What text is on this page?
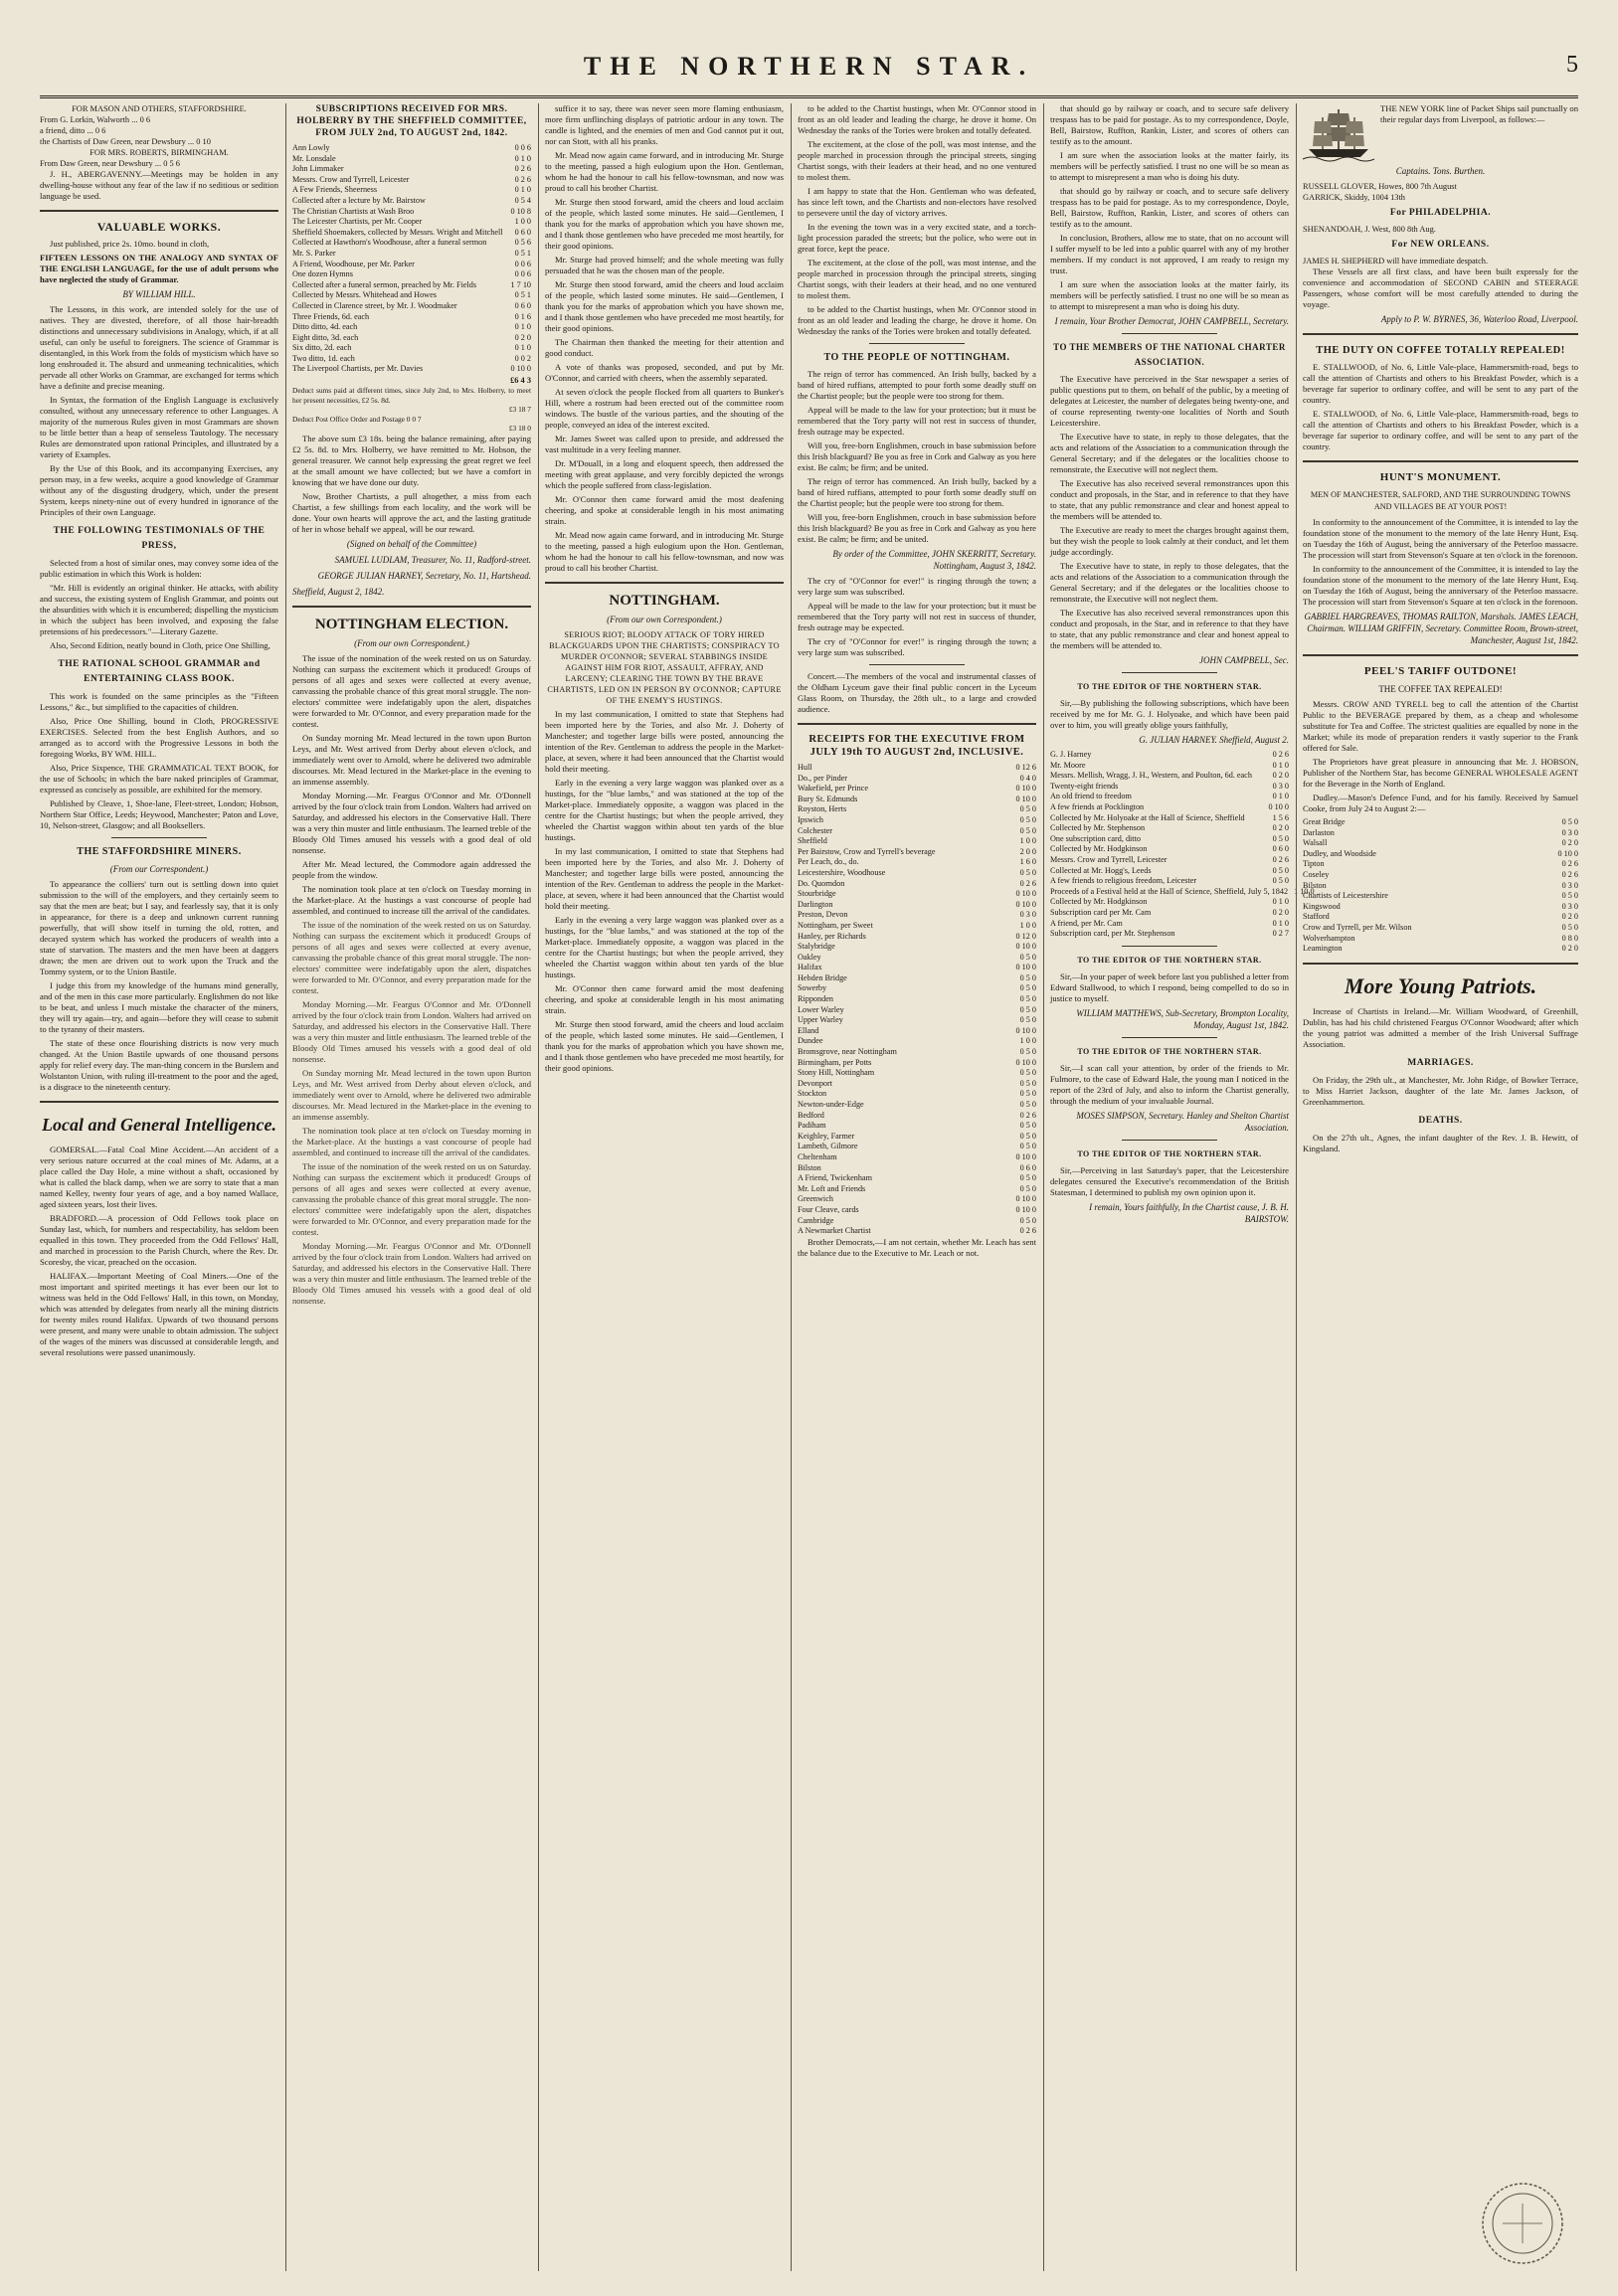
THE NORTHERN STAR.	5
FOR MASON AND OTHERS, STAFFORDSHIRE.
From G. Lorkin, Walworth ... 0 6
a friend, ditto ... 0 6
the Chartists of Daw Green, near Dewsbury ... 0 10
FOR MRS. ROBERTS, BIRMINGHAM.
From Daw Green, near Dewsbury ... 0 5 6

J. H., ABERGAVENNY.—Meetings may be holden in any dwelling-house without any fear of the law if no seditious or sedition language be used.

VALUABLE WORKS.

Just published, price 2s. 10mo. bound in cloth,

FIFTEEN LESSONS ON THE ANALOGY AND SYNTAX OF THE ENGLISH LANGUAGE, for the use of adult persons who have neglected the study of Grammar.

BY WILLIAM HILL.

The Lessons, in this work, are intended solely for the use of natives. They are divested, therefore, of all those hair-breadth distinctions and unnecessary subdivisions in Analogy, which, if at all useful, can only be useful to foreigners. The science of Grammar is disentangled, in this Work from the folds of mysticism which have so long enshrouded it. The absurd and unmeaning technicalities, which pervade all other Works on Grammar, are exchanged for terms which have a definite and precise meaning.

In Syntax, the formation of the English Language is exclusively consulted, without any unnecessary reference to other Languages. A majority of the numerous Rules given in most Grammars are shown to be little better than a heap of senseless Tautology. The necessary Rules are demonstrated upon rational Principles, and illustrated by a variety of Examples.

By the Use of this Book, and its accompanying Exercises, any person may, in a few weeks, acquire a good knowledge of Grammar without any of the disgusting drudgery, which, under the present System, keeps ninety-nine out of every hundred in ignorance of the Principles of their own Language.

THE FOLLOWING TESTIMONIALS OF THE PRESS,

Selected from a host of similar ones, may convey some idea of the public estimation in which this Work is holden:

"Mr. Hill is evidently an original thinker. He attacks, with ability and success, the existing system of English Grammar, and points out the absurdities with which it is encumbered; dispelling the mysticism in which the subject has been involved, and exposing the false pretensions of his predecessors."—Literary Gazette.

Also, Second Edition, neatly bound in Cloth, price One Shilling,

THE RATIONAL SCHOOL GRAMMAR and ENTERTAINING CLASS BOOK.

This work is founded on the same principles as the "Fifteen Lessons," &c., but simplified to the capacities of children.

Also, Price One Shilling, bound in Cloth, PROGRESSIVE EXERCISES. Selected from the best English Authors, and so arranged as to accord with the Progressive Lessons in both the foregoing Works, BY WM. HILL.

Also, Price Sixpence, THE GRAMMATICAL TEXT BOOK, for the use of Schools; in which the bare naked principles of Grammar, expressed as concisely as possible, are exhibited for the memory.

Published by Cleave, 1, Shoe-lane, Fleet-street, London; Hobson, Northern Star Office, Leeds; Heywood, Manchester; Paton and Love, 10, Nelson-street, Glasgow; and all Booksellers.

THE STAFFORDSHIRE MINERS.
(From our Correspondent.)

To appearance the colliers' turn out is settling down into quiet submission to the will of the employers, and they certainly seem to say that the men are beat; but I say, and fearlessly say, that it is only in appearance, for there is a deep and unknown current running powerfully, that will show itself in turning the old, rotten, and decayed system which has worked the producers of wealth into a state of starvation. The masters and the men have been at daggers drawn; the men are driven out to work upon the Truck and the Tommy system, or to the Union Bastile.

I judge this from my knowledge of the humans mind generally, and of the men in this case more particularly. Englishmen do not like to be beat, and unless I much mistake the character of the miners, they will try again—try, and again—before they will cease to submit to the tyranny of their masters.

The state of these once flourishing districts is now very much changed. At the Union Bastile upwards of one thousand persons apply for relief every day. The man-thing concern in the Burslem and Wolstanton Union, with ruling ill-treatment to the poor and the aged, is a disgrace to the nineteenth century.

Local and General Intelligence.

GOMERSAL.—Fatal Coal Mine Accident.—An accident of a very serious nature occurred at the coal mines of Mr. Adams, at a place called the Day Hole, a mine without a shaft, occasioned by what is called the black damp, when we are sorry to state that a man named Kelley, twenty four years of age, and a boy named Wallace, aged sixteen years, lost their lives.

BRADFORD.—A procession of Odd Fellows took place on Sunday last, which, for numbers and respectability, has seldom been equalled in this town. They proceeded from the Odd Fellows' Hall, and marched in procession to the Parish Church, where the Rev. Dr. Scoresby, the vicar, preached on the occasion.

HALIFAX.—Important Meeting of Coal Miners.—One of the most important and spirited meetings it has ever been our lot to witness was held in the Odd Fellows' Hall, in this town, on Monday, which was attended by delegates from nearly all the mining districts for twenty miles round Halifax. Upwards of two thousand persons were present, and many were unable to obtain admission. The subject of the wages of the miners was discussed at considerable length, and several resolutions were passed unanimously.

SUBSCRIPTIONS RECEIVED FOR MRS. HOLBERRY BY THE SHEFFIELD COMMITTEE, FROM JULY 2nd, TO AUGUST 2nd, 1842.
Ann Lowly	0 0 6
Mr. Lonsdale	0 1 0
John Limmaker	0 2 6
Messrs. Crow and Tyrrell, Leicester	0 2 6
A Few Friends, Sheerness	0 1 0
Collected after a lecture by Mr. Bairstow	0 5 4
The Christian Chartists at Wash Broo	0 10 8
The Leicester Chartists, per Mr. Cooper	1 0 0
Sheffield Shoemakers, collected by Messrs. Wright and Mitchell	0 6 0
Collected at Hawthorn's Woodhouse, after a funeral sermon	0 5 6
Mr. S. Parker	0 5 1
A Friend, Woodhouse, per Mr. Parker	0 0 6
One dozen Hymns	0 0 6
Collected after a funeral sermon, preached by Mr. Fields	1 7 10
Collected by Messrs. Whitehead and Howes	0 5 1
Collected in Clarence street, by Mr. J. Woodmaker	0 6 0
Three Friends, 6d. each	0 1 6
Ditto ditto, 4d. each	0 1 0
Eight ditto, 3d. each	0 2 0
Six ditto, 2d. each	0 1 0
Two ditto, 1d. each	0 0 2
The Liverpool Chartists, per Mr. Davies	0 10 0
£6 4 3
Deduct sums paid at different times, since July 2nd, to Mrs. Holberry, to meet her present necessities, £2 5s. 8d.
£3 18 7
Deduct Post Office Order and Postage 0 0 7
£3 18 0

The above sum £3 18s. being the balance remaining, after paying £2 5s. 8d. to Mrs. Holberry, we have remitted to Mr. Hobson, the general treasurer. We cannot help expressing the great regret we feel at the small amount we have collected; but we have a comfort in knowing that we have done our duty.

Now, Brother Chartists, a pull altogether, a miss from each Chartist, a few shillings from each locality, and the work will be done. Your own hearts will approve the act, and the lasting gratitude of her in whose behalf we appeal, will be our reward.

(Signed on behalf of the Committee)
SAMUEL LUDLAM, Treasurer, No. 11, Radford-street.
GEORGE JULIAN HARNEY, Secretary, No. 11, Hartshead.
Sheffield, August 2, 1842.
NOTTINGHAM ELECTION.
(From our own Correspondent.)

The issue of the nomination of the week rested on us on Saturday. Nothing can surpass the excitement which it produced! Groups of persons of all ages and sexes were collected at every avenue, canvassing the probable chance of this great moral struggle. The non-electors' committee were indefatigably upon the alert, dispatches were forwarded to Mr. O'Connor, and every preparation made for the contest.

On Sunday morning Mr. Mead lectured in the town upon Burton Leys, and Mr. West arrived from Derby about eleven o'clock, and immediately went over to Arnold, where he delivered two admirable discourses. Mr. Mead lectured in the Market-place in the evening to an immense assembly.

Monday Morning.—Mr. Feargus O'Connor and Mr. O'Donnell arrived by the four o'clock train from London. Walters had arrived on Saturday, and addressed his electors in the Conservative Hall. There was a very thin muster and little enthusiasm. The learned treble of the Bloody Old Times amused his vessels with a good deal of old nonsense.

After Mr. Mead lectured, the Commodore again addressed the people from the window.

The nomination took place at ten o'clock on Tuesday morning in the Market-place. At the hustings a vast concourse of people had assembled, and continued to increase till the arrival of the candidates.

The issue of the nomination of the week rested on us on Saturday. Nothing can surpass the excitement which it produced! Groups of persons of all ages and sexes were collected at every avenue, canvassing the probable chance of this great moral struggle. The non-electors' committee were indefatigably upon the alert, dispatches were forwarded to Mr. O'Connor, and every preparation made for the contest.

Monday Morning.—Mr. Feargus O'Connor and Mr. O'Donnell arrived by the four o'clock train from London. Walters had arrived on Saturday, and addressed his electors in the Conservative Hall. There was a very thin muster and little enthusiasm. The learned treble of the Bloody Old Times amused his vessels with a good deal of old nonsense.

On Sunday morning Mr. Mead lectured in the town upon Burton Leys, and Mr. West arrived from Derby about eleven o'clock, and immediately went over to Arnold, where he delivered two admirable discourses. Mr. Mead lectured in the Market-place in the evening to an immense assembly.

The nomination took place at ten o'clock on Tuesday morning in the Market-place. At the hustings a vast concourse of people had assembled, and continued to increase till the arrival of the candidates.

The issue of the nomination of the week rested on us on Saturday. Nothing can surpass the excitement which it produced! Groups of persons of all ages and sexes were collected at every avenue, canvassing the probable chance of this great moral struggle. The non-electors' committee were indefatigably upon the alert, dispatches were forwarded to Mr. O'Connor, and every preparation made for the contest.

Monday Morning.—Mr. Feargus O'Connor and Mr. O'Donnell arrived by the four o'clock train from London. Walters had arrived on Saturday, and addressed his electors in the Conservative Hall. There was a very thin muster and little enthusiasm. The learned treble of the Bloody Old Times amused his vessels with a good deal of old nonsense.

suffice it to say, there was never seen more flaming enthusiasm, more firm unflinching displays of patriotic ardour in any town. The candle is lighted, and the enemies of men and God cannot put it out, nor can Stott, with all his pranks.

Mr. Mead now again came forward, and in introducing Mr. Sturge to the meeting, passed a high eulogium upon the Hon. Gentleman, whom he had the honour to call his fellow-townsman, and now was proud to call his brother Chartist.

Mr. Sturge then stood forward, amid the cheers and loud acclaim of the people, which lasted some minutes. He said—Gentlemen, I thank you for the marks of approbation which you have shown me, and I thank those gentlemen who have preceded me most heartily, for their good opinions.

Mr. Sturge had proved himself; and the whole meeting was fully persuaded that he was the chosen man of the people.

Mr. Sturge then stood forward, amid the cheers and loud acclaim of the people, which lasted some minutes. He said—Gentlemen, I thank you for the marks of approbation which you have shown me, and I thank those gentlemen who have preceded me most heartily, for their good opinions.

The Chairman then thanked the meeting for their attention and good conduct.

A vote of thanks was proposed, seconded, and put by Mr. O'Connor, and carried with cheers, when the assembly separated.

At seven o'clock the people flocked from all quarters to Bunker's Hill, where a rostrum had been erected out of the committee room windows. The bustle of the various parties, and the shouting of the people, conveyed an idea of the interest excited.

Mr. James Sweet was called upon to preside, and addressed the vast multitude in a very feeling manner.

Dr. M'Douall, in a long and eloquent speech, then addressed the meeting with great applause, and very forcibly depicted the wrongs which the people suffered from class-legislation.

Mr. O'Connor then came forward amid the most deafening cheering, and spoke at considerable length in his most animating strain.

Mr. Mead now again came forward, and in introducing Mr. Sturge to the meeting, passed a high eulogium upon the Hon. Gentleman, whom he had the honour to call his fellow-townsman, and now was proud to call his brother Chartist.

NOTTINGHAM.
(From our own Correspondent.)

SERIOUS RIOT; BLOODY ATTACK OF TORY HIRED BLACKGUARDS UPON THE CHARTISTS; CONSPIRACY TO MURDER O'CONNOR; SEVERAL STABBINGS INSIDE AGAINST HIM FOR RIOT, ASSAULT, AFFRAY, AND LARCENY; CLEARING THE TOWN BY THE BRAVE CHARTISTS, LED ON IN PERSON BY O'CONNOR; CAPTURE OF THE ENEMY'S HUSTINGS.

In my last communication, I omitted to state that Stephens had been imported here by the Tories, and also Mr. J. Doherty of Manchester; and together large bills were posted, announcing the intention of the Rev. Gentleman to address the people in the Market-place, at seven, where it had been announced that the Chartist would hold their meeting.

Early in the evening a very large waggon was planked over as a hustings, for the "blue lambs," and was stationed at the top of the Market-place. Immediately opposite, a waggon was placed in the centre for the Chartist hustings; but when the people arrived, they wheeled the Chartist waggon within about ten yards of the blue hustings.

In my last communication, I omitted to state that Stephens had been imported here by the Tories, and also Mr. J. Doherty of Manchester; and together large bills were posted, announcing the intention of the Rev. Gentleman to address the people in the Market-place, at seven, where it had been announced that the Chartist would hold their meeting.

Early in the evening a very large waggon was planked over as a hustings, for the "blue lambs," and was stationed at the top of the Market-place. Immediately opposite, a waggon was placed in the centre for the Chartist hustings; but when the people arrived, they wheeled the Chartist waggon within about ten yards of the blue hustings.

Mr. O'Connor then came forward amid the most deafening cheering, and spoke at considerable length in his most animating strain.

Mr. Sturge then stood forward, amid the cheers and loud acclaim of the people, which lasted some minutes. He said—Gentlemen, I thank you for the marks of approbation which you have shown me, and I thank those gentlemen who have preceded me most heartily, for their good opinions.

to be added to the Chartist hustings, when Mr. O'Connor stood in front as an old leader and leading the charge, he drove it home. On Wednesday the ranks of the Tories were broken and totally defeated.

The excitement, at the close of the poll, was most intense, and the people marched in procession through the principal streets, singing Chartist songs, with their leaders at their head, and no one ventured to molest them.

I am happy to state that the Hon. Gentleman who was defeated, has since left town, and the Chartists and non-electors have resolved to persevere until the day of victory arrives.

In the evening the town was in a very excited state, and a torch-light procession paraded the streets; but the police, who were out in great force, kept the peace.

The excitement, at the close of the poll, was most intense, and the people marched in procession through the principal streets, singing Chartist songs, with their leaders at their head, and no one ventured to molest them.

to be added to the Chartist hustings, when Mr. O'Connor stood in front as an old leader and leading the charge, he drove it home. On Wednesday the ranks of the Tories were broken and totally defeated.

TO THE PEOPLE OF NOTTINGHAM.

The reign of terror has commenced. An Irish bully, backed by a band of hired ruffians, attempted to pour forth some deadly stuff on the Chartist people; but the people were too strong for them.

Appeal will be made to the law for your protection; but it must be remembered that the Tory party will not rest in success of thunder, fresh outrage may be expected.

Will you, free-born Englishmen, crouch in base submission before this Irish blackguard? Be you as free in Cork and Galway as you here exist. Be calm; be firm; and be united.

The reign of terror has commenced. An Irish bully, backed by a band of hired ruffians, attempted to pour forth some deadly stuff on the Chartist people; but the people were too strong for them.

Will you, free-born Englishmen, crouch in base submission before this Irish blackguard? Be you as free in Cork and Galway as you here exist. Be calm; be firm; and be united.

By order of the Committee, JOHN SKERRITT, Secretary. Nottingham, August 3, 1842.

The cry of "O'Connor for ever!" is ringing through the town; a very large sum was subscribed.

Appeal will be made to the law for your protection; but it must be remembered that the Tory party will not rest in success of thunder, fresh outrage may be expected.

The cry of "O'Connor for ever!" is ringing through the town; a very large sum was subscribed.

Concert.—The members of the vocal and instrumental classes of the Oldham Lyceum gave their final public concert in the Lyceum Glass Room, on Thursday, the 28th ult., to a large and crowded audience.

RECEIPTS FOR THE EXECUTIVE FROM JULY 19th TO AUGUST 2nd, INCLUSIVE.
Hull	0 12 6
Do., per Pinder	0 4 0
Wakefield, per Prince	0 10 0
Bury St. Edmunds	0 10 0
Royston, Herts	0 5 0
Ipswich	0 5 0
Colchester	0 5 0
Sheffield	1 0 0
Per Bairstow, Crow and Tyrrell's beverage	2 0 0
Per Leach, do., do.	1 6 0
Leicestershire, Woodhouse	0 5 0
Do. Quorndon	0 2 6
Stourbridge	0 10 0
Darlington	0 10 0
Preston, Devon	0 3 0
Nottingham, per Sweet	1 0 0
Hanley, per Richards	0 12 0
Stalybridge	0 10 0
Oakley	0 5 0
Halifax	0 10 0
Hebden Bridge	0 5 0
Sowerby	0 5 0
Ripponden	0 5 0
Lower Warley	0 5 0
Upper Warley	0 5 0
Elland	0 10 0
Dundee	1 0 0
Bromsgrove, near Nottingham	0 5 0
Birmingham, per Potts	0 10 0
Stony Hill, Nottingham	0 5 0
Devonport	0 5 0
Stockton	0 5 0
Newton-under-Edge	0 5 0
Bedford	0 2 6
Padiham	0 5 0
Keighley, Farmer	0 5 0
Lambeth, Gilmore	0 5 0
Cheltenham	0 10 0
Bilston	0 6 0
A Friend, Twickenham	0 5 0
Mr. Loft and Friends	0 5 0
Greenwich	0 10 0
Four Cleave, cards	0 10 0
Cambridge	0 5 0
A Newmarket Chartist	0 2 6

Brother Democrats,—I am not certain, whether Mr. Leach has sent the balance due to the Executive to Mr. Leach or not.

that should go by railway or coach, and to secure safe delivery trespass has to be paid for postage. As to my correspondence, Doyle, Bell, Bairstow, Ruffton, Rankin, Lister, and scores of others can testify as to the amount.

I am sure when the association looks at the matter fairly, its members will be perfectly satisfied. I trust no one will be so mean as to attempt to misrepresent a man who is doing his duty.

that should go by railway or coach, and to secure safe delivery trespass has to be paid for postage. As to my correspondence, Doyle, Bell, Bairstow, Ruffton, Rankin, Lister, and scores of others can testify as to the amount.

In conclusion, Brothers, allow me to state, that on no account will I suffer myself to be led into a public quarrel with any of my brother members. If my conduct is not approved, I am ready to resign my trust.

I am sure when the association looks at the matter fairly, its members will be perfectly satisfied. I trust no one will be so mean as to attempt to misrepresent a man who is doing his duty.

I remain, Your Brother Democrat, JOHN CAMPBELL, Secretary.
TO THE MEMBERS OF THE NATIONAL CHARTER ASSOCIATION.

The Executive have perceived in the Star newspaper a series of public questions put to them, on behalf of the public, by a meeting of delegates at Leicester, the number of delegates being twenty-one, and of course representing twenty-one localities of North and South Leicestershire.

The Executive have to state, in reply to those delegates, that the acts and relations of the Association to a communication through the General Secretary; and if the delegates or the localities choose to remonstrate, the Executive will not neglect them.

The Executive has also received several remonstrances upon this conduct and proposals, in the Star, and in reference to that they have to state, that any public remonstrance and clear and honest appeal to the members will be attended to.

The Executive are ready to meet the charges brought against them, but they wish the people to look calmly at their conduct, and let them judge accordingly.

The Executive have to state, in reply to those delegates, that the acts and relations of the Association to a communication through the General Secretary; and if the delegates or the localities choose to remonstrate, the Executive will not neglect them.

The Executive has also received several remonstrances upon this conduct and proposals, in the Star, and in reference to that they have to state, that any public remonstrance and clear and honest appeal to the members will be attended to.

JOHN CAMPBELL, Sec.
TO THE EDITOR OF THE NORTHERN STAR.

Sir,—By publishing the following subscriptions, which have been received by me for Mr. G. J. Holyoake, and which have been paid over to him, you will greatly oblige yours faithfully,

G. JULIAN HARNEY. Sheffield, August 2.
G. J. Harney	0 2 6
Mr. Moore	0 1 0
Messrs. Mellish, Wragg, J. H., Western, and Poulton, 6d. each	0 2 0
Twenty-eight friends	0 3 0
An old friend to freedom	0 1 0
A few friends at Pocklington	0 10 0
Collected by Mr. Holyoake at the Hall of Science, Sheffield	1 5 6
Collected by Mr. Stephenson	0 2 0
One subscription card, ditto	0 5 0
Collected by Mr. Hodgkinson	0 6 0
Messrs. Crow and Tyrrell, Leicester	0 2 6
Collected at Mr. Hogg's, Leeds	0 5 0
A few friends to religious freedom, Leicester	0 5 0
Proceeds of a Festival held at the Hall of Science, Sheffield, July 5, 1842 1 10 0
Collected by Mr. Hodgkinson	0 1 0
Subscription card per Mr. Cam	0 2 0
A friend, per Mr. Cam	0 1 0
Subscription card, per Mr. Stephenson	0 2 7
TO THE EDITOR OF THE NORTHERN STAR.

Sir,—In your paper of week before last you published a letter from Edward Stallwood, to which I respond, being compelled to do so in justice to myself.

WILLIAM MATTHEWS, Sub-Secretary, Brompton Locality, Monday, August 1st, 1842.
TO THE EDITOR OF THE NORTHERN STAR.

Sir,—I scan call your attention, by order of the friends to Mr. Fulmore, to the case of Edward Hale, the young man I noticed in the report of the 23rd of July, and also to inform the Chartist generally, through the medium of your invaluable Journal.

MOSES SIMPSON, Secretary. Hanley and Shelton Chartist Association.
TO THE EDITOR OF THE NORTHERN STAR.

Sir,—Perceiving in last Saturday's paper, that the Leicestershire delegates censured the Executive's recommendation of the British Statesman, I determined to publish my own opinion upon it.

I remain, Yours faithfully, In the Chartist cause, J. B. H. BAIRSTOW.

THE NEW YORK line of Packet Ships sail punctually on their regular days from Liverpool, as follows:—

Captains. Tons. Burthen.
RUSSELL GLOVER, Howes, 800 7th August
GARRICK, Skiddy, 1004 13th
For PHILADELPHIA.
SHENANDOAH, J. West, 800 8th Aug.
For NEW ORLEANS.
JAMES H. SHEPHERD will have immediate despatch.

These Vessels are all first class, and have been built expressly for the convenience and accommodation of SECOND CABIN and STEERAGE Passengers, whose comfort will be most carefully attended to during the voyage.

Apply to P. W. BYRNES, 36, Waterloo Road, Liverpool.
THE DUTY ON COFFEE TOTALLY REPEALED!

E. STALLWOOD, of No. 6, Little Vale-place, Hammersmith-road, begs to call the attention of Chartists and others to his Breakfast Powder, which is a beverage far superior to ordinary coffee, and will be sent to any part of the country.

E. STALLWOOD, of No. 6, Little Vale-place, Hammersmith-road, begs to call the attention of Chartists and others to his Breakfast Powder, which is a beverage far superior to ordinary coffee, and will be sent to any part of the country.

HUNT'S MONUMENT.
MEN OF MANCHESTER, SALFORD, AND THE SURROUNDING TOWNS AND VILLAGES BE AT YOUR POST!

In conformity to the announcement of the Committee, it is intended to lay the foundation stone of the monument to the memory of the late Henry Hunt, Esq. on Tuesday the 16th of August, being the anniversary of the Peterloo massacre. The procession will start from Stevenson's Square at ten o'clock in the forenoon.

In conformity to the announcement of the Committee, it is intended to lay the foundation stone of the monument to the memory of the late Henry Hunt, Esq. on Tuesday the 16th of August, being the anniversary of the Peterloo massacre. The procession will start from Stevenson's Square at ten o'clock in the forenoon.

GABRIEL HARGREAVES, THOMAS RAILTON, Marshals. JAMES LEACH, Chairman. WILLIAM GRIFFIN, Secretary. Committee Room, Brown-street, Manchester, August 1st, 1842.
PEEL'S TARIFF OUTDONE!
THE COFFEE TAX REPEALED!

Messrs. CROW AND TYRELL beg to call the attention of the Chartist Public to the BEVERAGE prepared by them, as a cheap and wholesome substitute for Tea and Coffee. The strictest qualities are equalled by none in the Market; while its mode of preparation renders it vastly superior to the Frank offered for Sale.

The Proprietors have great pleasure in announcing that Mr. J. HOBSON, Publisher of the Northern Star, has become GENERAL WHOLESALE AGENT for the Beverage in the North of England.

Dudley.—Mason's Defence Fund, and for his family. Received by Samuel Cooke, from July 24 to August 2:—

Great Bridge	0 5 0
Darlaston	0 3 0
Walsall	0 2 0
Dudley, and Woodside	0 10 0
Tipton	0 2 6
Coseley	0 2 6
Bilston	0 3 0
Chartists of Leicestershire	0 5 0
Kingswood	0 3 0
Stafford	0 2 0
Crow and Tyrrell, per Mr. Wilson	0 5 0
Wolverhampton	0 8 0
Leamington	0 2 0
More Young Patriots.

Increase of Chartists in Ireland.—Mr. William Woodward, of Greenhill, Dublin, has had his child christened Feargus O'Connor Woodward; after which the young patriot was admitted a member of the Irish Universal Suffrage Association.

MARRIAGES.

On Friday, the 29th ult., at Manchester, Mr. John Ridge, of Bowker Terrace, to Miss Harriet Jackson, daughter of the late Mr. James Jackson, of Greenhammerton.

DEATHS.

On the 27th ult., Agnes, the infant daughter of the Rev. J. B. Hewitt, of Kingsland.
